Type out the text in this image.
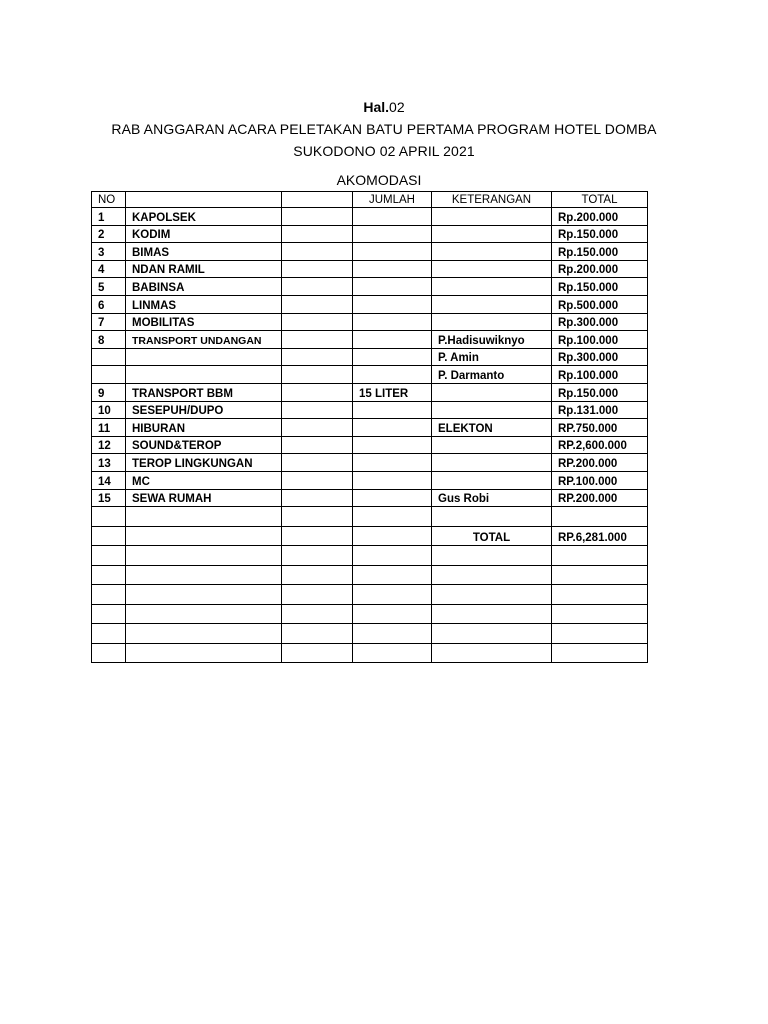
Hal.02
RAB ANGGARAN ACARA PELETAKAN BATU PERTAMA PROGRAM HOTEL DOMBA
SUKODONO 02 APRIL 2021
AKOMODASI
NO			JUMLAH	KETERANGAN	TOTAL
1	KAPOLSEK				Rp.200.000
2	KODIM				Rp.150.000
3	BIMAS				Rp.150.000
4	NDAN RAMIL				Rp.200.000
5	BABINSA				Rp.150.000
6	LINMAS				Rp.500.000
7	MOBILITAS				Rp.300.000
8	TRANSPORT UNDANGAN			P.Hadisuwiknyo	Rp.100.000
				P. Amin	Rp.300.000
				P. Darmanto	Rp.100.000
9	TRANSPORT BBM		15 LITER		Rp.150.000
10	SESEPUH/DUPO				Rp.131.000
11	HIBURAN			ELEKTON	RP.750.000
12	SOUND&TEROP				RP.2,600.000
13	TEROP LINGKUNGAN				RP.200.000
14	MC				RP.100.000
15	SEWA RUMAH			Gus Robi	RP.200.000

				TOTAL	RP.6,281.000
